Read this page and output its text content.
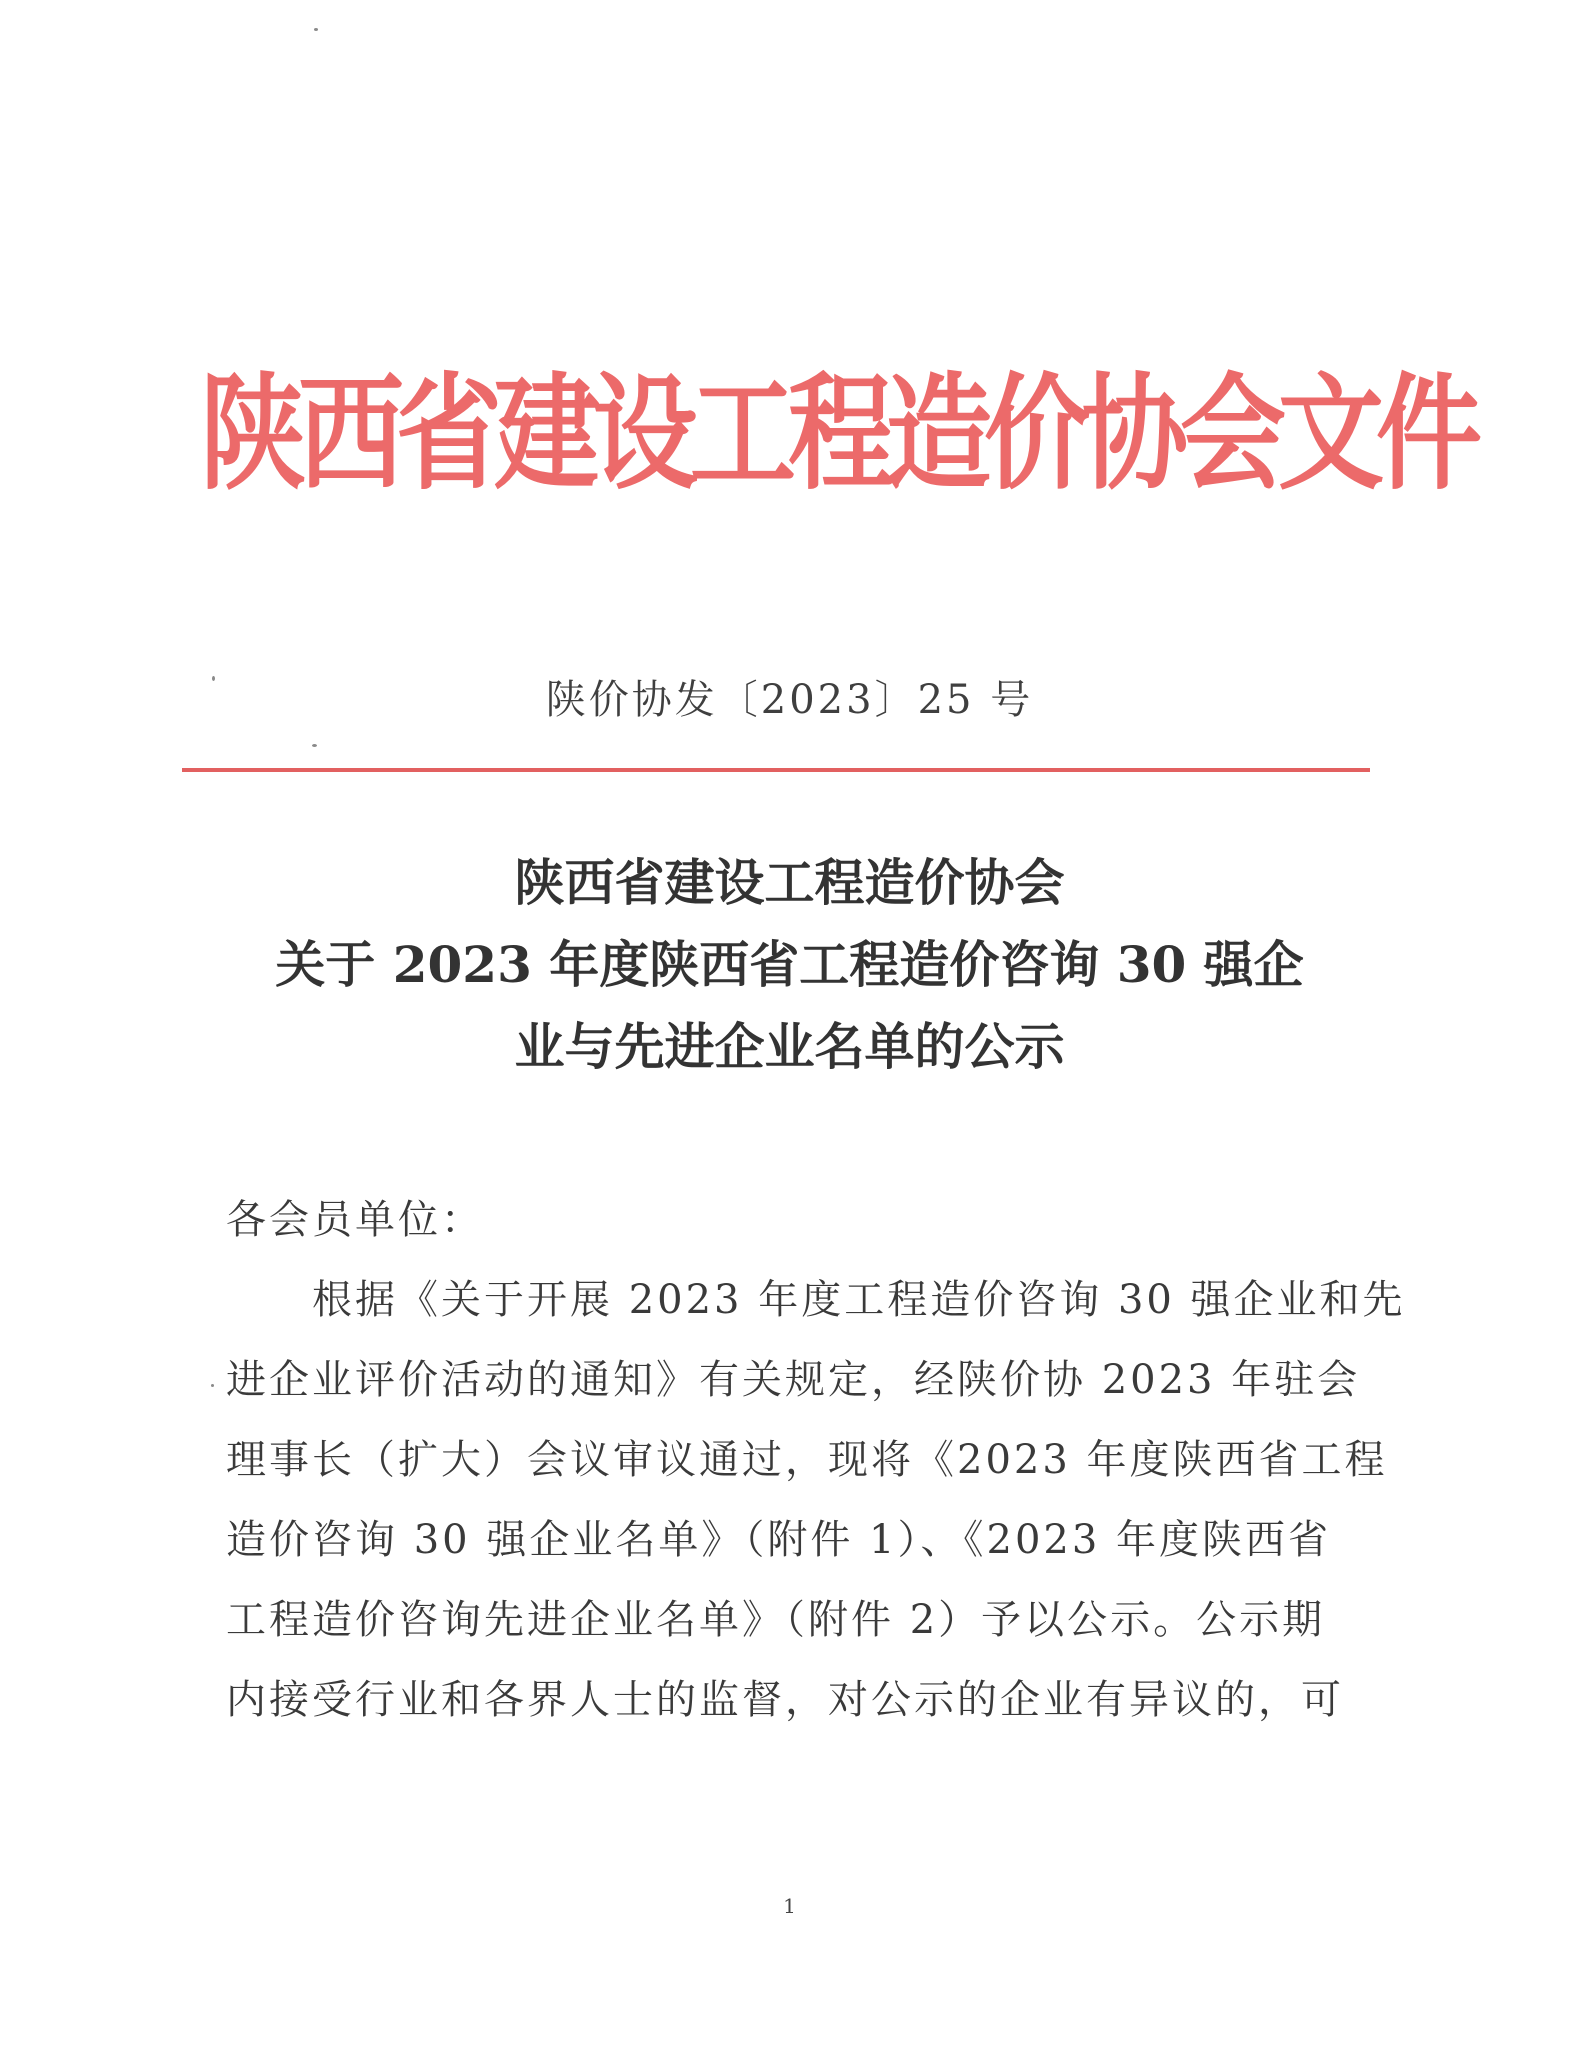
陕西省建设工程造价协会文件
陕价协发〔2023〕25 号
陕西省建设工程造价协会
关于 2023 年度陕西省工程造价咨询 30 强企
业与先进企业名单的公示
各会员单位：
根据《关于开展 2023 年度工程造价咨询 30 强企业和先
进企业评价活动的通知》有关规定，经陕价协 2023 年驻会
理事长（扩大）会议审议通过，现将《2023 年度陕西省工程
造价咨询 30 强企业名单》（附件 1）、《2023 年度陕西省
工程造价咨询先进企业名单》（附件 2）予以公示。公示期
内接受行业和各界人士的监督，对公示的企业有异议的，可
1
